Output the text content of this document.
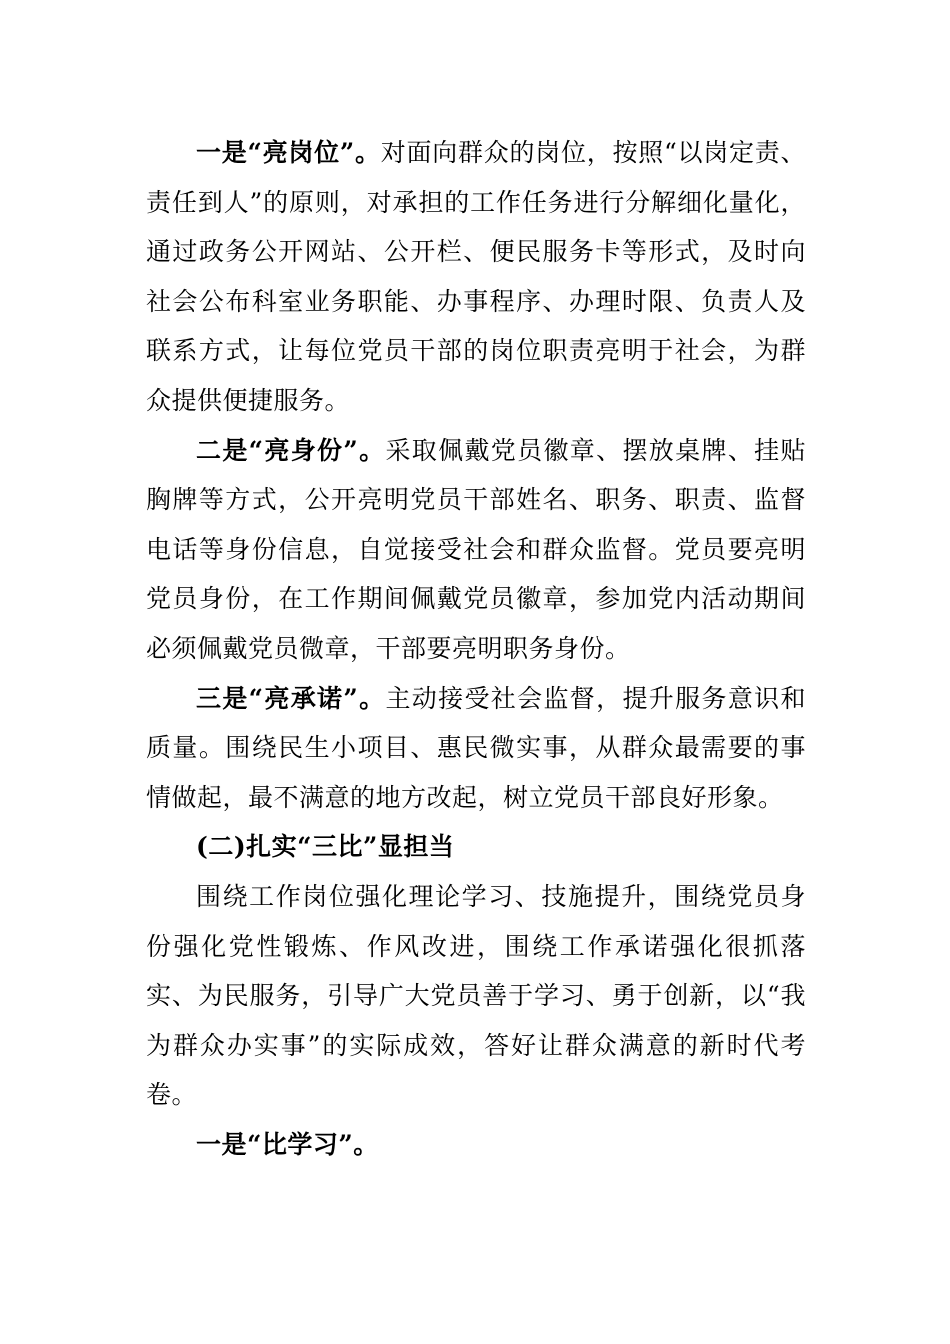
一是“亮岗位”。对面向群众的岗位，按照“以岗定责、责任到人”的原则，对承担的工作任务进行分解细化量化，通过政务公开网站、公开栏、便民服务卡等形式，及时向社会公布科室业务职能、办事程序、办理时限、负责人及联系方式，让每位党员干部的岗位职责亮明于社会，为群众提供便捷服务。

二是“亮身份”。采取佩戴党员徽章、摆放桌牌、挂贴胸牌等方式，公开亮明党员干部姓名、职务、职责、监督电话等身份信息，自觉接受社会和群众监督。党员要亮明党员身份，在工作期间佩戴党员徽章，参加党内活动期间必须佩戴党员微章，干部要亮明职务身份。

三是“亮承诺”。主动接受社会监督，提升服务意识和质量。围绕民生小项目、惠民微实事，从群众最需要的事情做起，最不满意的地方改起，树立党员干部良好形象。

(二)扎实“三比”显担当

围绕工作岗位强化理论学习、技施提升，围绕党员身份强化党性锻炼、作风改进，围绕工作承诺强化很抓落实、为民服务，引导广大党员善于学习、勇于创新，以“我为群众办实事”的实际成效，答好让群众满意的新时代考卷。

一是“比学习”。
